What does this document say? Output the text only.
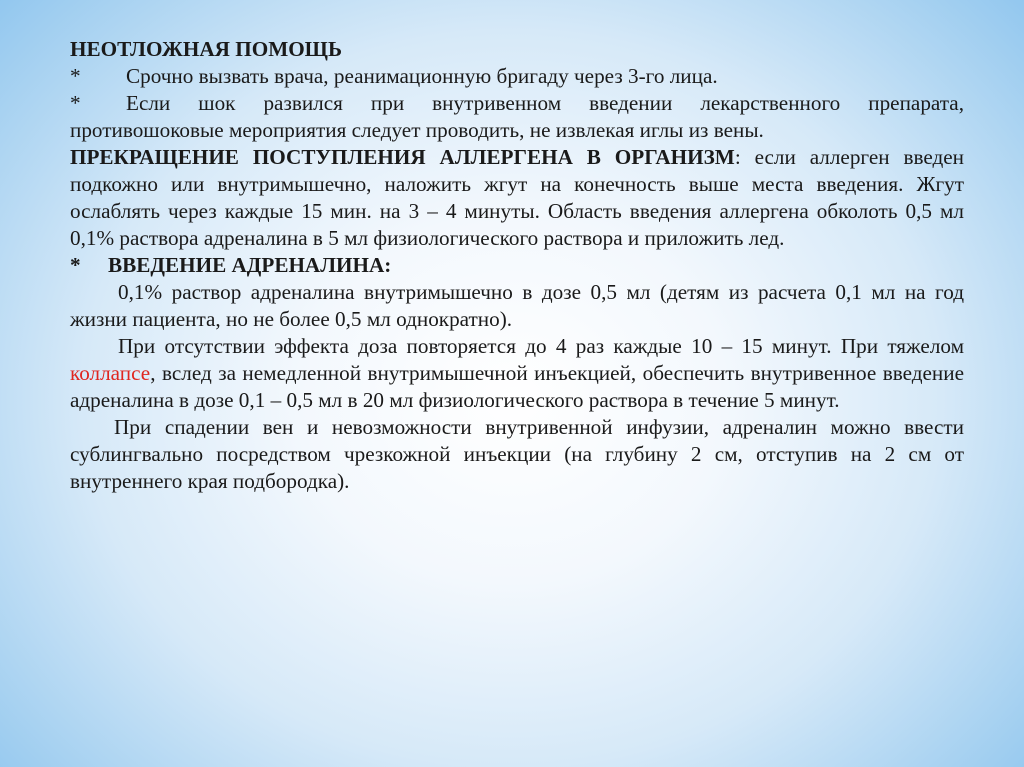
НЕОТЛОЖНАЯ ПОМОЩЬ

*	Срочно вызвать врача, реанимационную бригаду через 3-го лица.

* Если шок развился при внутривенном введении лекарственного препарата, противошоковые мероприятия следует проводить, не извлекая иглы из вены.

ПРЕКРАЩЕНИЕ ПОСТУПЛЕНИЯ АЛЛЕРГЕНА В ОРГАНИЗМ: если аллерген введен подкожно или внутримышечно, наложить жгут на конечность выше места введения. Жгут ослаблять через каждые 15 мин. на 3 – 4 минуты. Область введения аллергена обколоть 0,5 мл 0,1% раствора адреналина в 5 мл физиологического раствора и приложить лед.

* ВВЕДЕНИЕ АДРЕНАЛИНА:

0,1% раствор адреналина внутримышечно в дозе 0,5 мл (детям из расчета 0,1 мл на год жизни пациента, но не более 0,5 мл однократно).

При отсутствии эффекта доза повторяется до 4 раз каждые 10 – 15 минут. При тяжелом коллапсе, вслед за немедленной внутримышечной инъекцией, обеспечить внутривенное введение адреналина в дозе 0,1 – 0,5 мл в 20 мл физиологического раствора в течение 5 минут.

При спадении вен и невозможности внутривенной инфузии, адреналин можно ввести сублингвально посредством чрезкожной инъекции (на глубину 2 см, отступив на 2 см от внутреннего края подбородка).
